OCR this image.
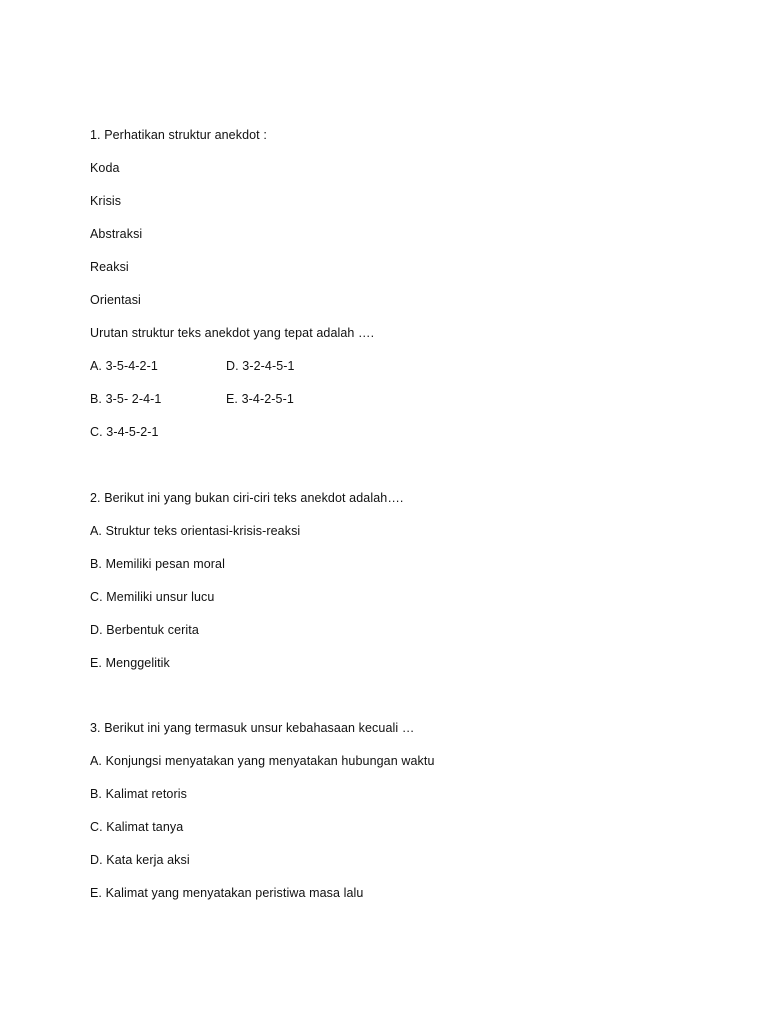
1. Perhatikan struktur anekdot :
Koda
Krisis
Abstraksi
Reaksi
Orientasi
Urutan struktur teks anekdot yang tepat adalah ….
A. 3-5-4-2-1	D. 3-2-4-5-1
B. 3-5- 2-4-1	E. 3-4-2-5-1
C. 3-4-5-2-1
2. Berikut ini yang bukan ciri-ciri teks anekdot adalah….
A. Struktur teks orientasi-krisis-reaksi
B. Memiliki pesan moral
C. Memiliki unsur lucu
D. Berbentuk cerita
E. Menggelitik
3. Berikut ini yang termasuk unsur kebahasaan kecuali …
A. Konjungsi menyatakan yang menyatakan hubungan waktu
B. Kalimat retoris
C. Kalimat tanya
D. Kata kerja aksi
E. Kalimat yang menyatakan peristiwa masa lalu
